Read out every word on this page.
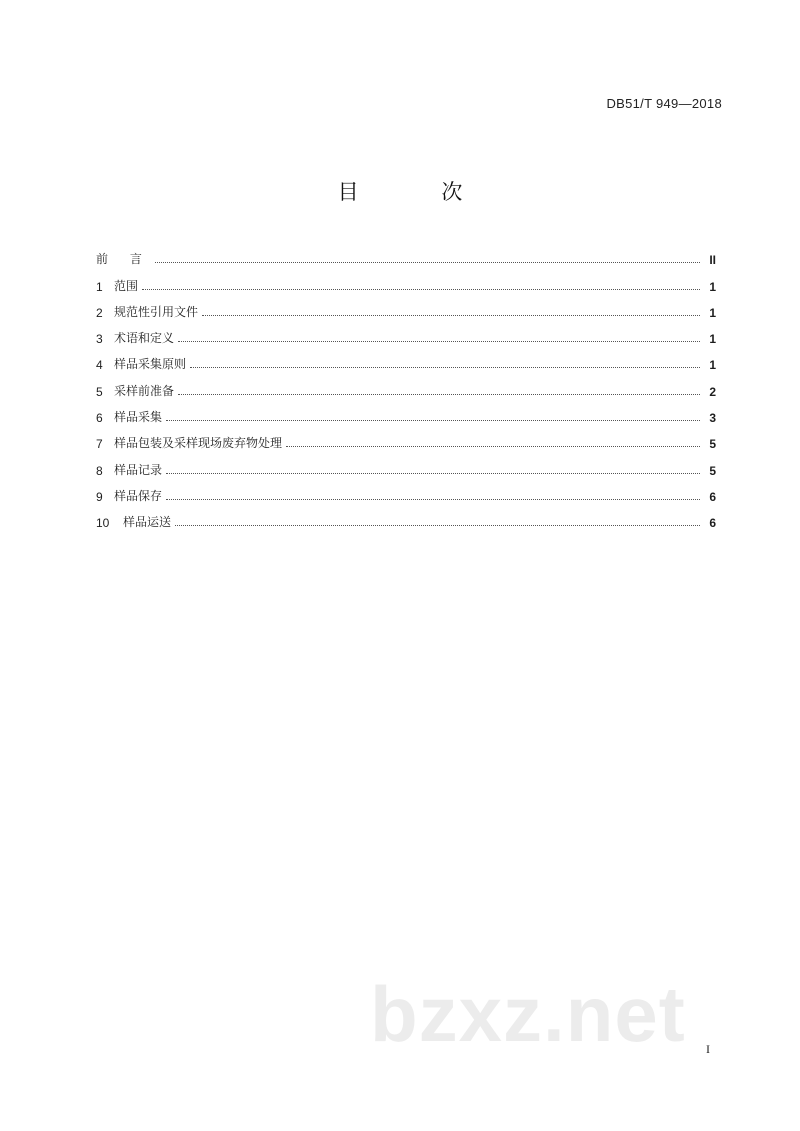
DB51/T 949—2018
目 次
前 言	II
1 范围	1
2 规范性引用文件	1
3 术语和定义	1
4 样品采集原则	1
5 采样前准备	2
6 样品采集	3
7 样品包装及采样现场废弃物处理	5
8 样品记录	5
9 样品保存	6
10	样品运送	6
bzxz.net I
